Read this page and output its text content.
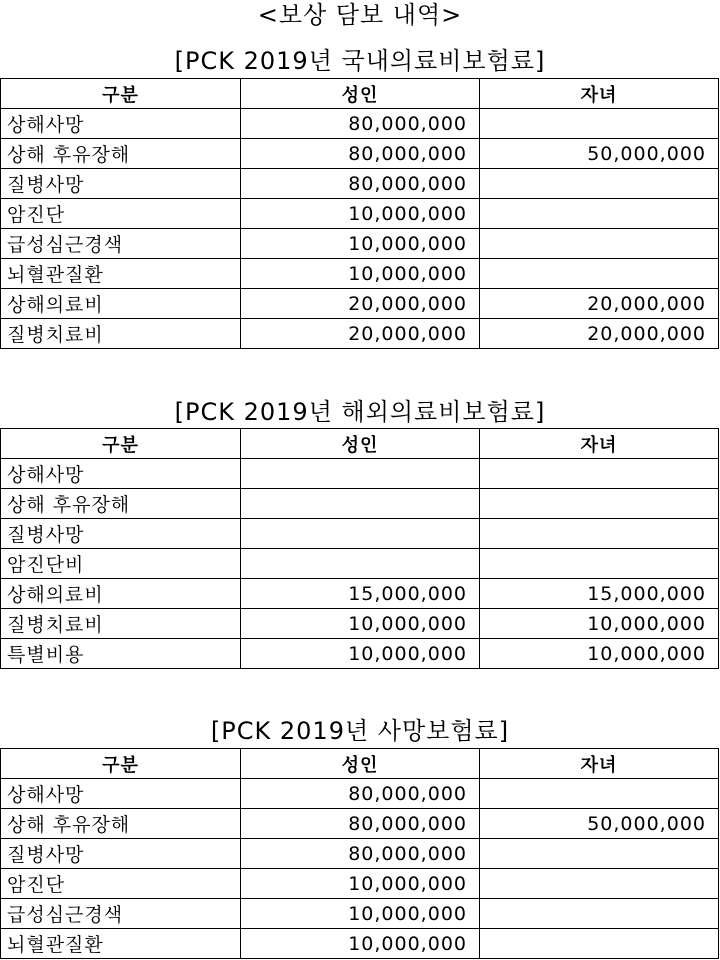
<보상 담보 내역>
[PCK 2019년 국내의료비보험료]
구분	성인	자녀
상해사망	80,000,000	
상해 후유장해	80,000,000	50,000,000
질병사망	80,000,000	
암진단	10,000,000	
급성심근경색	10,000,000	
뇌혈관질환	10,000,000	
상해의료비	20,000,000	20,000,000
질병치료비	20,000,000	20,000,000
[PCK 2019년 해외의료비보험료]
구분	성인	자녀
상해사망		
상해 후유장해		
질병사망		
암진단비		
상해의료비	15,000,000	15,000,000
질병치료비	10,000,000	10,000,000
특별비용	10,000,000	10,000,000
[PCK 2019년 사망보험료]
구분	성인	자녀
상해사망	80,000,000	
상해 후유장해	80,000,000	50,000,000
질병사망	80,000,000	
암진단	10,000,000	
급성심근경색	10,000,000	
뇌혈관질환	10,000,000	
